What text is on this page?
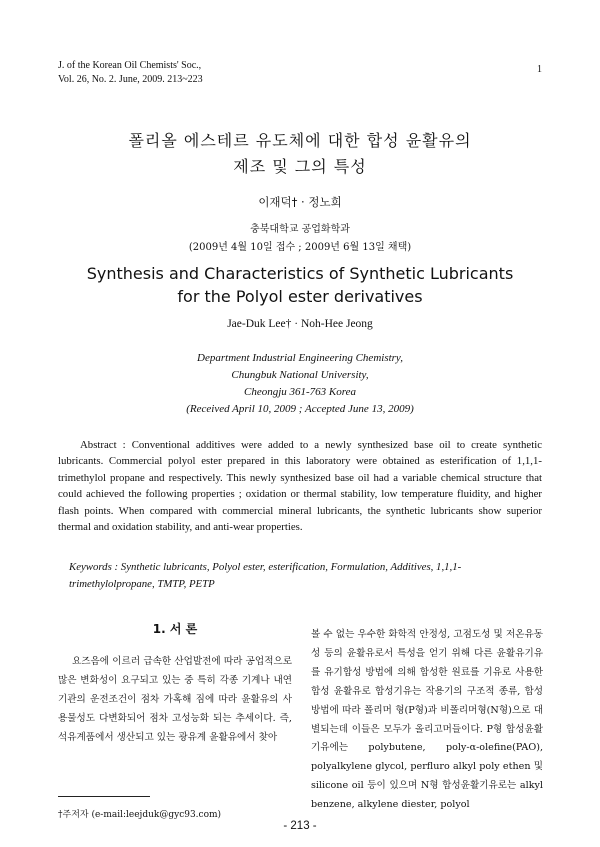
J. of the Korean Oil Chemists' Soc.,
Vol. 26, No. 2. June, 2009. 213~223
1
폴리올 에스테르 유도체에 대한 합성 윤활유의
제조 및 그의 특성
이재덕† · 정노희
충북대학교 공업화학과
(2009년 4월 10일 접수 ; 2009년 6월 13일 채택)
Synthesis and Characteristics of Synthetic Lubricants
for the Polyol ester derivatives
Jae-Duk Lee† · Noh-Hee Jeong
Department Industrial Engineering Chemistry,
Chungbuk National University,
Cheongju 361-763 Korea
(Received April 10, 2009 ; Accepted June 13, 2009)
Abstract : Conventional additives were added to a newly synthesized base oil to create synthetic lubricants. Commercial polyol ester prepared in this laboratory were obtained as esterification of 1,1,1-trimethylol propane and respectively. This newly synthesized base oil had a variable chemical structure that could achieved the following properties ; oxidation or thermal stability, low temperature fluidity, and higher flash points. When compared with commercial mineral lubricants, the synthetic lubricants show superior thermal and oxidation stability, and anti-wear properties.
Keywords : Synthetic lubricants, Polyol ester, esterification, Formulation, Additives, 1,1,1-trimethylolpropane, TMTP, PETP
1. 서 론

요즈음에 이르러 급속한 산업발전에 따라 공업적으로 많은 변화성이 요구되고 있는 중 특히 각종 기계나 내연기관의 운전조건이 점차 가혹해 짐에 따라 윤활유의 사용물성도 다변화되어 점차 고성능화 되는 추세이다. 즉, 석유계품에서 생산되고 있는 광유계 윤활유에서 찾아

볼 수 없는 우수한 화학적 안정성, 고점도성 및 저온유동성 등의 윤활유로서 특성을 얻기 위해 다른 윤활유기유를 유기합성 방법에 의해 합성한 원료를 기유로 사용한 합성 윤활유로 합성기유는 작용기의 구조적 종류, 합성방법에 따라 폴리머 형(P형)과 비폴리머형(N형)으로 대별되는데 이들은 모두가 올리고머들이다. P형 합성윤활기유에는 polybutene, poly-α-olefine(PAO), polyalkylene glycol, perfluro alkyl poly ethen 및 silicone oil 등이 있으며 N형 합성윤활기유로는 alkyl benzene, alkylene diester, polyol

†주저자 (e-mail:leejduk@gyc93.com)
- 213 -
